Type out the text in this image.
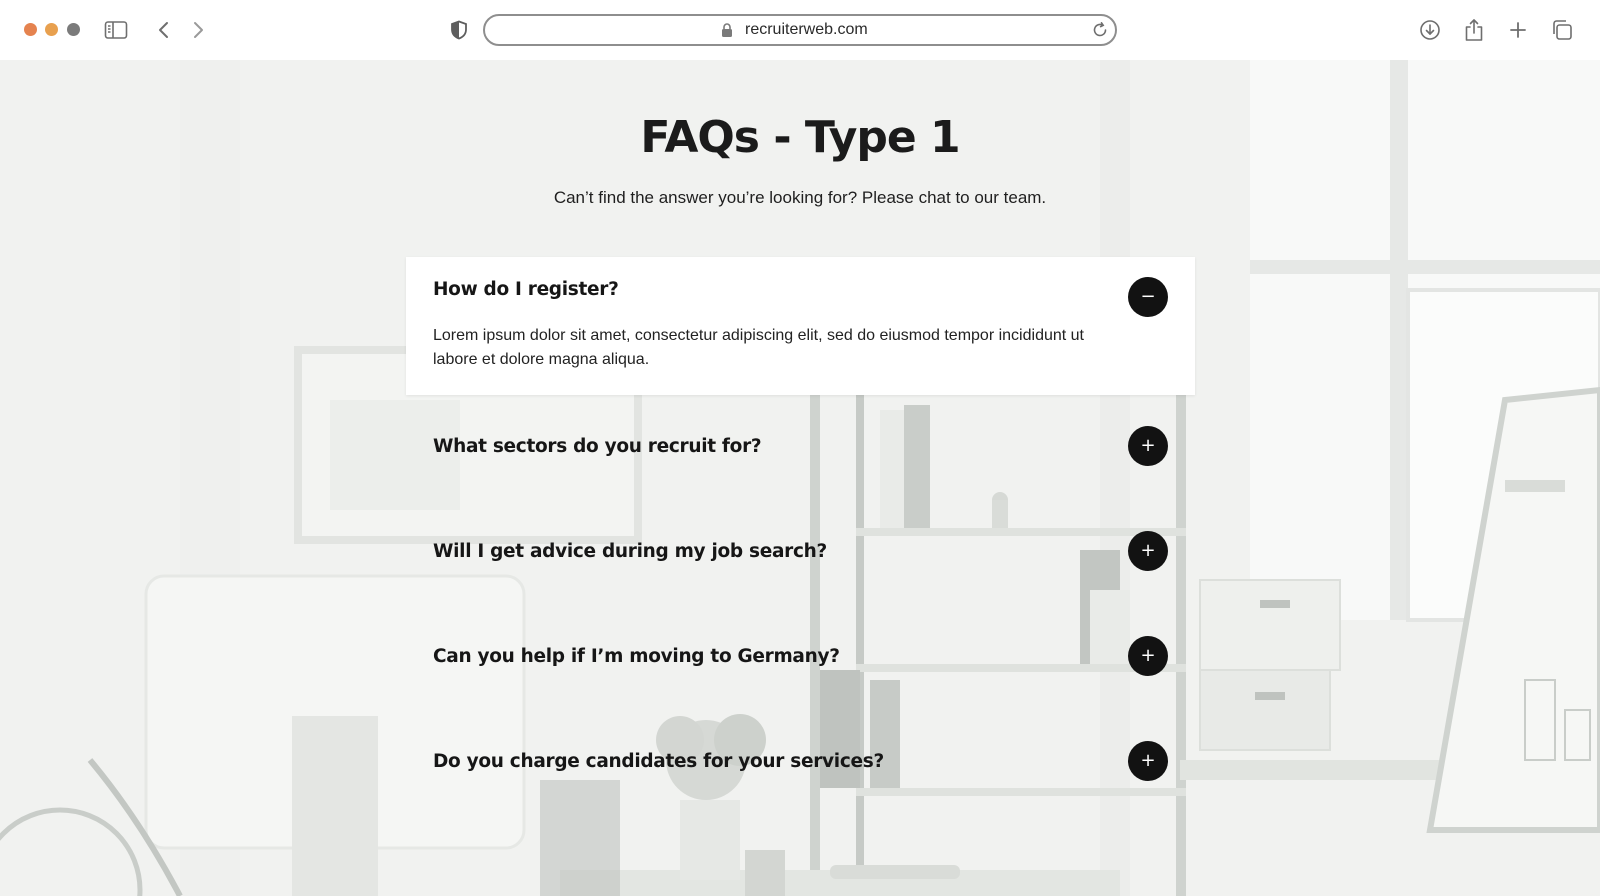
recruiterweb.com
FAQs - Type 1

Can’t find the answer you’re looking for? Please chat to our team.

How do I register?
Lorem ipsum dolor sit amet, consectetur adipiscing elit, sed do eiusmod tempor incididunt ut labore et dolore magna aliqua.
−
What sectors do you recruit for?	+
Will I get advice during my job search?	+
Can you help if I’m moving to Germany?	+
Do you charge candidates for your services?	+
